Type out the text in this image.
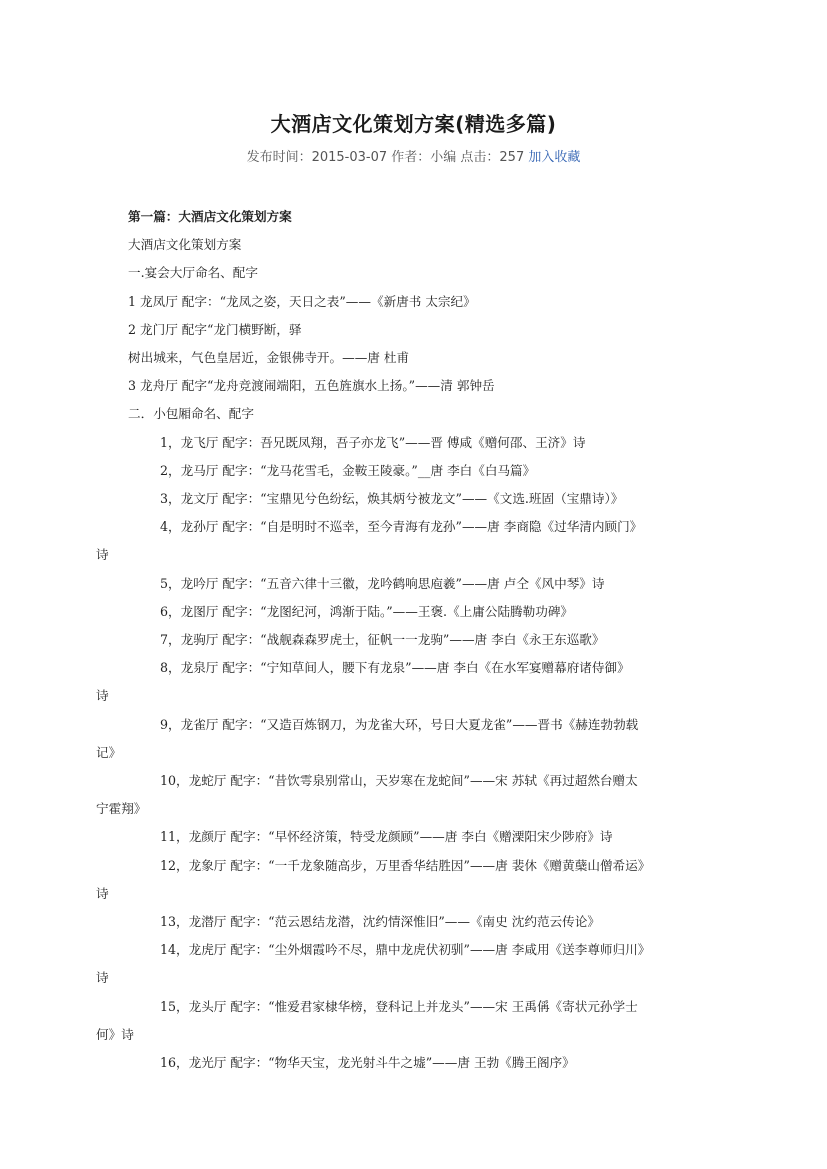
大酒店文化策划方案(精选多篇)
发布时间：2015-03-07 作者：小编 点击：257 加入收藏

第一篇：大酒店文化策划方案

大酒店文化策划方案

一.宴会大厅命名、配字

1 龙凤厅 配字：“龙凤之姿，天日之表”——《新唐书 太宗纪》

2 龙门厅 配字“龙门横野断，驿

树出城来，气色皇居近，金银佛寺开。——唐 杜甫

3 龙舟厅 配字“龙舟竞渡闹端阳，五色旌旗水上扬。”——清 郭钟岳

二．小包厢命名、配字

1，龙飞厅 配字：吾兄既凤翔，吾子亦龙飞”——晋 傅咸《赠何邵、王济》诗

2，龙马厅 配字：“龙马花雪毛，金鞍王陵豪。”__唐 李白《白马篇》

3，龙文厅 配字：“宝鼎见兮色纷纭，焕其炳兮被龙文”——《文选.班固（宝鼎诗）》

4，龙孙厅 配字：“自是明时不巡幸，至今青海有龙孙”——唐 李商隐《过华清内顾门》

诗

5，龙吟厅 配字：“五音六律十三徽，龙吟鹤响思庖羲”——唐 卢仝《风中琴》诗

6，龙图厅 配字：“龙图纪河，鸿渐于陆。”——王褒.《上庸公陆腾勒功碑》

7，龙驹厅 配字：“战舰森森罗虎士，征帆一一龙驹”——唐 李白《永王东巡歌》

8，龙泉厅 配字：“宁知草间人，腰下有龙泉”——唐 李白《在水军宴赠幕府诸侍御》

诗

9，龙雀厅 配字：“又造百炼钢刀，为龙雀大环，号日大夏龙雀”——晋书《赫连勃勃载

记》

10，龙蛇厅 配字：“昔饮雩泉别常山，天岁寒在龙蛇间”——宋 苏轼《再过超然台赠太

宁霍翔》

11，龙颜厅 配字：“早怀经济策，特受龙颜顾”——唐 李白《赠溧阳宋少陟府》诗

12，龙象厅 配字：“一千龙象随高步，万里香华结胜因”——唐 裴休《赠黄蘖山僧希运》

诗

13，龙潜厅 配字：“范云恩结龙潜，沈约情深惟旧”——《南史 沈约范云传论》

14，龙虎厅 配字：“尘外烟霞吟不尽，鼎中龙虎伏初驯”——唐 李咸用《送李尊师归川》

诗

15，龙头厅 配字：“惟爱君家棣华榜，登科记上并龙头”——宋 王禹偁《寄状元孙学士

何》诗

16，龙光厅 配字：“物华天宝，龙光射斗牛之墟”——唐 王勃《腾王阁序》
